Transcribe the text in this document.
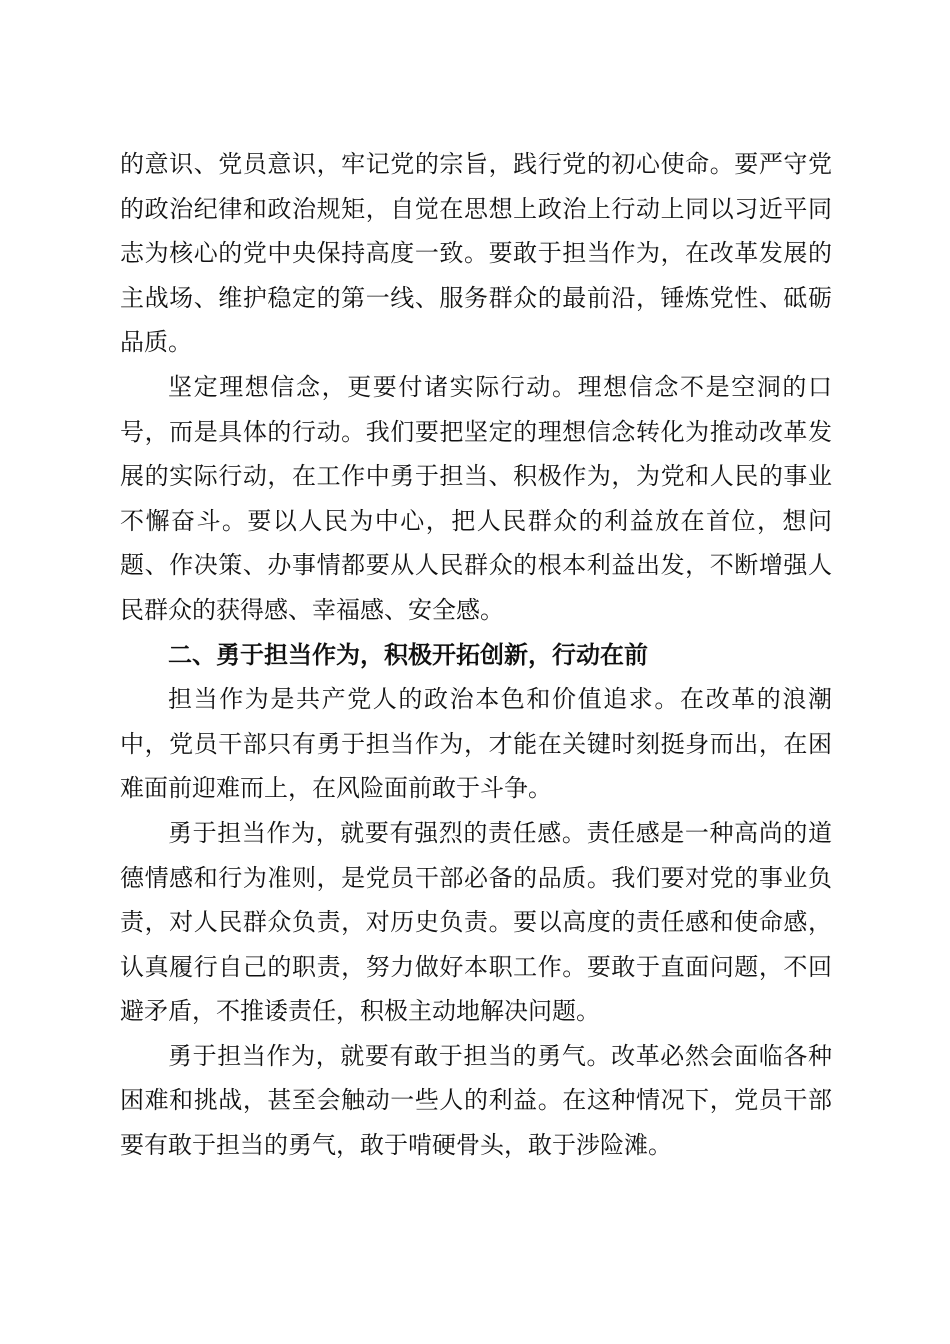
的意识、党员意识，牢记党的宗旨，践行党的初心使命。要严守党的政治纪律和政治规矩，自觉在思想上政治上行动上同以习近平同志为核心的党中央保持高度一致。要敢于担当作为，在改革发展的主战场、维护稳定的第一线、服务群众的最前沿，锤炼党性、砥砺品质。

坚定理想信念，更要付诸实际行动。理想信念不是空洞的口号，而是具体的行动。我们要把坚定的理想信念转化为推动改革发展的实际行动，在工作中勇于担当、积极作为，为党和人民的事业不懈奋斗。要以人民为中心，把人民群众的利益放在首位，想问题、作决策、办事情都要从人民群众的根本利益出发，不断增强人民群众的获得感、幸福感、安全感。

二、勇于担当作为，积极开拓创新，行动在前

担当作为是共产党人的政治本色和价值追求。在改革的浪潮中，党员干部只有勇于担当作为，才能在关键时刻挺身而出，在困难面前迎难而上，在风险面前敢于斗争。

勇于担当作为，就要有强烈的责任感。责任感是一种高尚的道德情感和行为准则，是党员干部必备的品质。我们要对党的事业负责，对人民群众负责，对历史负责。要以高度的责任感和使命感，认真履行自己的职责，努力做好本职工作。要敢于直面问题，不回避矛盾，不推诿责任，积极主动地解决问题。

勇于担当作为，就要有敢于担当的勇气。改革必然会面临各种困难和挑战，甚至会触动一些人的利益。在这种情况下，党员干部要有敢于担当的勇气，敢于啃硬骨头，敢于涉险滩。
